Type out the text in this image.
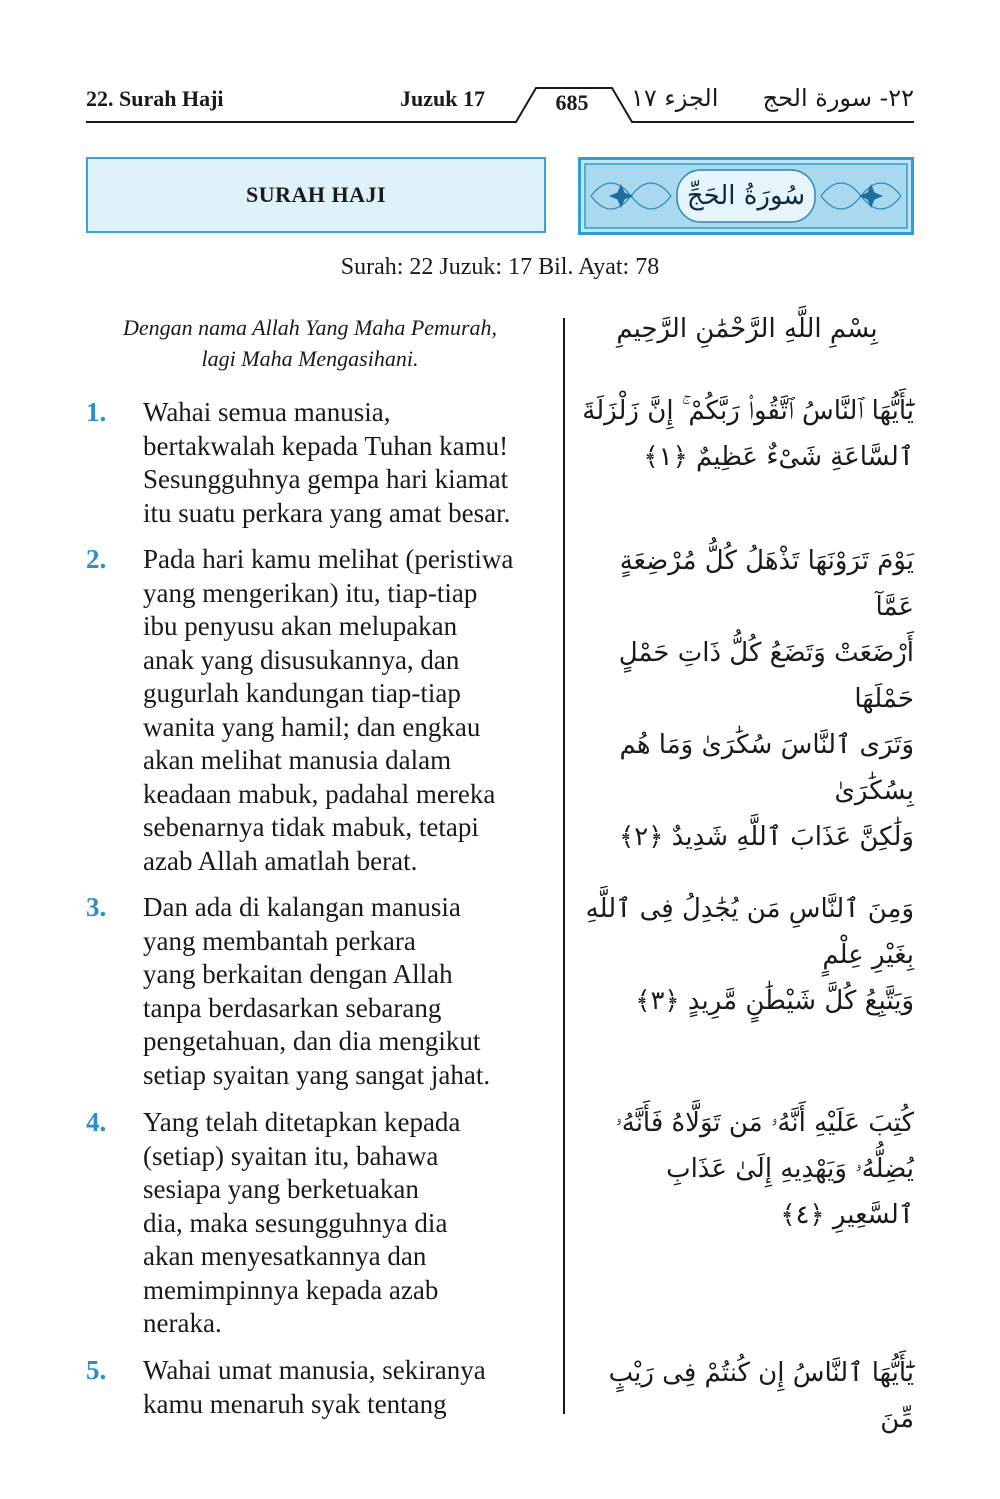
22. Surah Haji	Juzuk 17	685	الجزء ١٧ ٢٢- سورة الحج
SURAH HAJI	سُورَةُ الحَجِّ
Surah: 22 Juzuk: 17 Bil. Ayat: 78
Dengan nama Allah Yang Maha Pemurah,
lagi Maha Mengasihani.
بِسْمِ اللَّهِ الرَّحْمَٰنِ الرَّحِيمِ
1. Wahai semua manusia,
bertakwalah kepada Tuhan kamu!
Sesungguhnya gempa hari kiamat
itu suatu perkara yang amat besar.
يَٰٓأَيُّهَا ٱلنَّاسُ ٱتَّقُوا۟ رَبَّكُمْ ۚ إِنَّ زَلْزَلَةَ
ٱلسَّاعَةِ شَىْءٌ عَظِيمٌ ﴿١﴾
2. Pada hari kamu melihat (peristiwa
yang mengerikan) itu, tiap-tiap
ibu penyusu akan melupakan
anak yang disusukannya, dan
gugurlah kandungan tiap-tiap
wanita yang hamil; dan engkau
akan melihat manusia dalam
keadaan mabuk, padahal mereka
sebenarnya tidak mabuk, tetapi
azab Allah amatlah berat.
يَوْمَ تَرَوْنَهَا تَذْهَلُ كُلُّ مُرْضِعَةٍ عَمَّآ
أَرْضَعَتْ وَتَضَعُ كُلُّ ذَاتِ حَمْلٍ حَمْلَهَا
وَتَرَى ٱلنَّاسَ سُكَٰرَىٰ وَمَا هُم بِسُكَٰرَىٰ
وَلَٰكِنَّ عَذَابَ ٱللَّهِ شَدِيدٌ ﴿٢﴾
3. Dan ada di kalangan manusia
yang membantah perkara
yang berkaitan dengan Allah
tanpa berdasarkan sebarang
pengetahuan, dan dia mengikut
setiap syaitan yang sangat jahat.
وَمِنَ ٱلنَّاسِ مَن يُجَٰدِلُ فِى ٱللَّهِ بِغَيْرِ عِلْمٍ
وَيَتَّبِعُ كُلَّ شَيْطَٰنٍ مَّرِيدٍ ﴿٣﴾
4. Yang telah ditetapkan kepada
(setiap) syaitan itu, bahawa
sesiapa yang berketuakan
dia, maka sesungguhnya dia
akan menyesatkannya dan
memimpinnya kepada azab
neraka.
كُتِبَ عَلَيْهِ أَنَّهُۥ مَن تَوَلَّاهُ فَأَنَّهُۥ
يُضِلُّهُۥ وَيَهْدِيهِ إِلَىٰ عَذَابِ ٱلسَّعِيرِ ﴿٤﴾
5. Wahai umat manusia, sekiranya
kamu menaruh syak tentang
يَٰٓأَيُّهَا ٱلنَّاسُ إِن كُنتُمْ فِى رَيْبٍ مِّنَ
